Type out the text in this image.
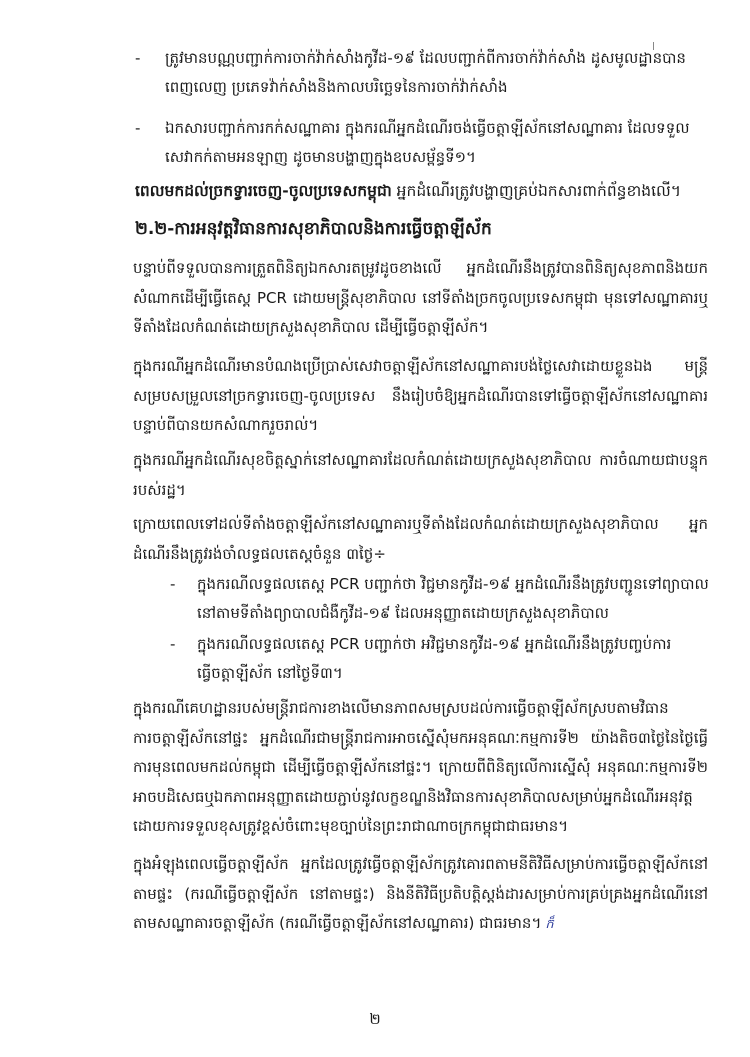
- ត្រូវមានបណ្ណបញ្ជាក់ការចាក់វ៉ាក់សាំងកូវីដ-១៩ ដែលបញ្ជាក់ពីការចាក់វ៉ាក់សាំង ដូសមូលដ្ឋានបានពេញលេញ ប្រភេទវ៉ាក់សាំងនិងកាលបរិច្ឆេទនៃការចាក់វ៉ាក់សាំង
- ឯកសារបញ្ជាក់ការកក់សណ្ឋាគារ ក្នុងករណីអ្នកដំណើរចង់ធ្វើចត្តាឡីស័កនៅសណ្ឋាគារ ដែលទទួលសេវាកក់តាមអនឡាញ ដូចមានបង្ហាញក្នុងឧបសម្ព័ន្ធទី១។
ពេលមកដល់ច្រកទ្វារចេញ-ចូលប្រទេសកម្ពុជា អ្នកដំណើរត្រូវបង្ហាញគ្រប់ឯកសារពាក់ព័ន្ធខាងលើ។
២.២-ការអនុវត្តវិធានការសុខាភិបាលនិងការធ្វើចត្តាឡីស័ក
បន្ទាប់ពីទទួលបានការត្រួតពិនិត្យឯកសារតម្រូវដូចខាងលើ អ្នកដំណើរនឹងត្រូវបានពិនិត្យសុខភាពនិងយកសំណាកដើម្បីធ្វើតេស្ត PCR ដោយមន្ត្រីសុខាភិបាល នៅទីតាំងច្រកចូលប្រទេសកម្ពុជា មុនទៅសណ្ឋាគារឬទីតាំងដែលកំណត់ដោយក្រសួងសុខាភិបាល ដើម្បីធ្វើចត្តាឡីស័ក។
ក្នុងករណីអ្នកដំណើរមានបំណងប្រើប្រាស់សេវាចត្តាឡីស័កនៅសណ្ឋាគារបង់ថ្លៃសេវាដោយខ្លួនឯង មន្ត្រីសម្របសម្រួលនៅច្រកទ្វារចេញ-ចូលប្រទេស នឹងរៀបចំឱ្យអ្នកដំណើរបានទៅធ្វើចត្តាឡីស័កនៅសណ្ឋាគារ បន្ទាប់ពីបានយកសំណាករួចរាល់។
ក្នុងករណីអ្នកដំណើរសុខចិត្តស្នាក់នៅសណ្ឋាគារដែលកំណត់ដោយក្រសួងសុខាភិបាល ការចំណាយជាបន្ទុករបស់រដ្ឋ។
ក្រោយពេលទៅដល់ទីតាំងចត្តាឡីស័កនៅសណ្ឋាគារឬទីតាំងដែលកំណត់ដោយក្រសួងសុខាភិបាល អ្នកដំណើរនឹងត្រូវរង់ចាំលទ្ធផលតេស្តចំនួន ៣ថ្ងៃ÷
- ក្នុងករណីលទ្ធផលតេស្ត PCR បញ្ជាក់ថា វិជ្ជមានកូវីដ-១៩ អ្នកដំណើរនឹងត្រូវបញ្ជូនទៅព្យាបាលនៅតាមទីតាំងព្យាបាលជំងឺកូវីដ-១៩ ដែលអនុញ្ញាតដោយក្រសួងសុខាភិបាល
- ក្នុងករណីលទ្ធផលតេស្ត PCR បញ្ជាក់ថា អវិជ្ជមានកូវីដ-១៩ អ្នកដំណើរនឹងត្រូវបញ្ចប់ការធ្វើចត្តាឡីស័ក នៅថ្ងៃទី៣។
ក្នុងករណីគេហដ្ឋានរបស់មន្ត្រីរាជការខាងលើមានភាពសមស្របដល់ការធ្វើចត្តាឡីស័កស្របតាមវិធានការចត្តាឡីស័កនៅផ្ទះ អ្នកដំណើរជាមន្ត្រីរាជការអាចស្នើសុំមកអនុគណៈកម្មការទី២ យ៉ាងតិច៣ថ្ងៃនៃថ្ងៃធ្វើការមុនពេលមកដល់កម្ពុជា ដើម្បីធ្វើចត្តាឡីស័កនៅផ្ទះ។ ក្រោយពីពិនិត្យលើការស្នើសុំ អនុគណៈកម្មការទី២ អាចបដិសេធឬឯកភាពអនុញ្ញាតដោយភ្ជាប់នូវលក្ខខណ្ឌនិងវិធានការសុខាភិបាលសម្រាប់អ្នកដំណើរអនុវត្តដោយការទទួលខុសត្រូវខ្ពស់ចំពោះមុខច្បាប់នៃព្រះរាជាណាចក្រកម្ពុជាជាធរមាន។
ក្នុងអំឡុងពេលធ្វើចត្តាឡីស័ក អ្នកដែលត្រូវធ្វើចត្តាឡីស័កត្រូវគោរពតាមនីតិវិធីសម្រាប់ការធ្វើចត្តាឡីស័កនៅតាមផ្ទះ (ករណីធ្វើចត្តាឡីស័ក នៅតាមផ្ទះ) និងនីតិវិធីប្រតិបត្តិស្តង់ដារសម្រាប់ការគ្រប់គ្រងអ្នកដំណើរនៅតាមសណ្ឋាគារចត្តាឡីស័ក (ករណីធ្វើចត្តាឡីស័កនៅសណ្ឋាគារ) ជាធរមាន។ ក៏
២
